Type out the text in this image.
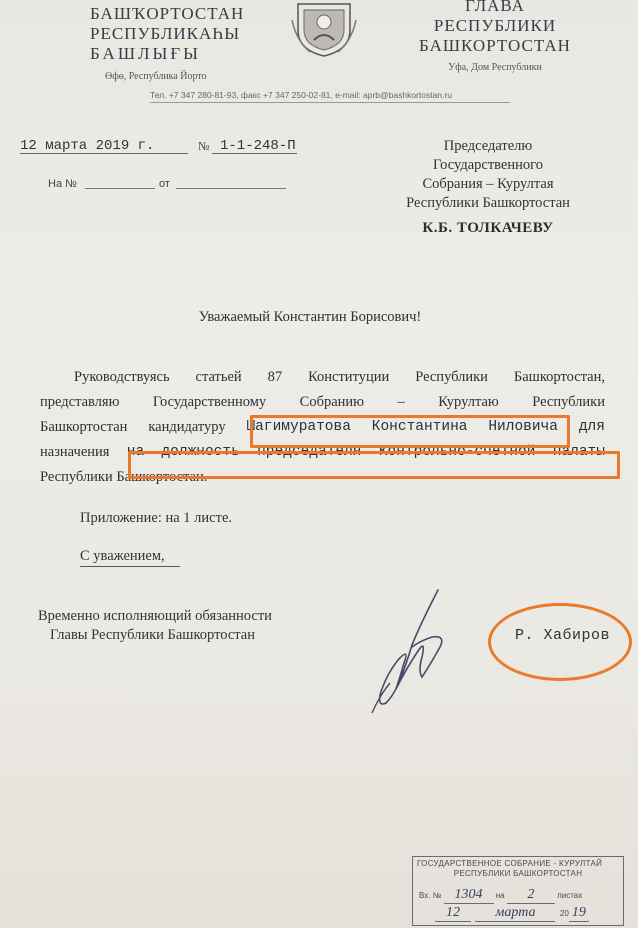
БАШҠОРТОСТАН
РЕСПУБЛИКАҺЫ
БАШЛЫҒЫ
Өфө, Республика Йорто
ГЛАВА
РЕСПУБЛИКИ
БАШКОРТОСТАН
Уфа, Дом Республики
Тел. +7 347 280-81-93, факс +7 347 250-02-81, e-mail: aprb@bashkortostan.ru
12 марта 2019 г.	№ 1-1-248-П
На №	от
Председателю
Государственного
Собрания – Курултая
Республики Башкортостан
К.Б. ТОЛКАЧЕВУ
Уважаемый Константин Борисович!
Руководствуясь статьей 87 Конституции Республики Башкортостан,
представляю Государственному Собранию – Курултаю Республики
Башкортостан кандидатуру Шагимуратова Константина Ниловича для
назначения на должность председателя Контрольно-счетной палаты
Республики Башкортостан.
Приложение: на 1 листе.
С уважением,
Временно исполняющий обязанности
Главы Республики Башкортостан	Р. Хабиров
ГОСУДАРСТВЕННОЕ СОБРАНИЕ - КУРУЛТАЙ
РЕСПУБЛИКИ БАШКОРТОСТАН
Вх. № 1304 на 2	листах
12	марта	20 19
